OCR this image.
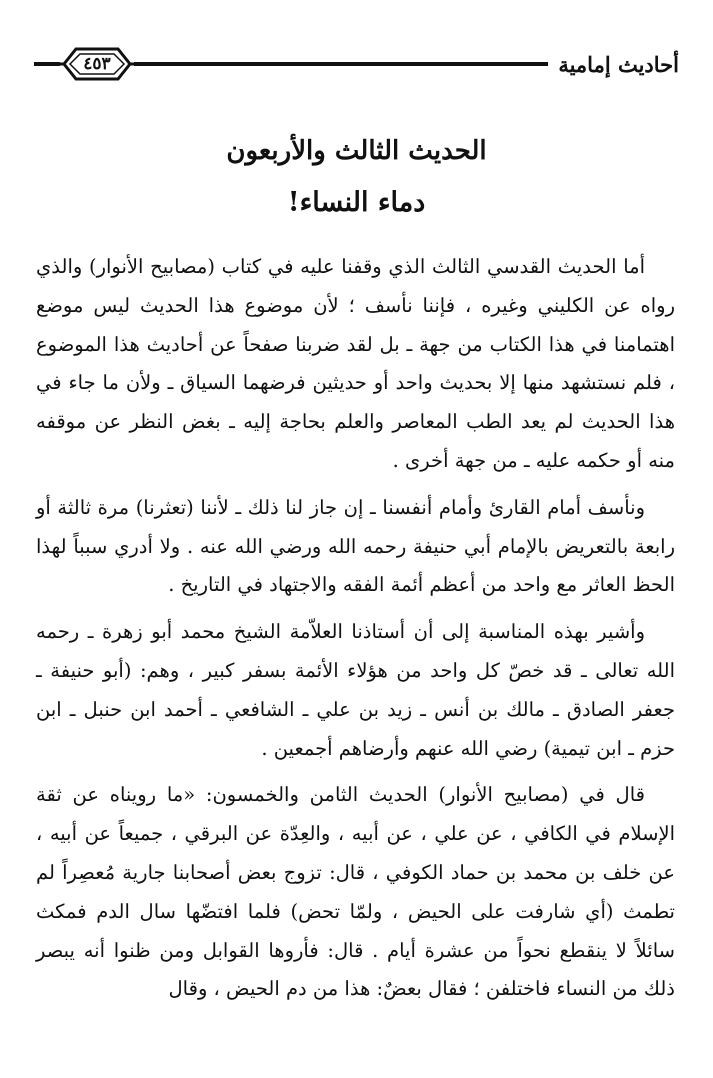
أحاديث إمامية
٤٥٣
الحديث الثالث والأربعون
دماء النساء!

أما الحديث القدسي الثالث الذي وقفنا عليه في كتاب (مصابيح الأنوار) والذي رواه عن الكليني وغيره ، فإننا نأسف ؛ لأن موضوع هذا الحديث ليس موضع اهتمامنا في هذا الكتاب من جهة ـ بل لقد ضربنا صفحاً عن أحاديث هذا الموضوع ، فلم نستشهد منها إلا بحديث واحد أو حديثين فرضهما السياق ـ ولأن ما جاء في هذا الحديث لم يعد الطب المعاصر والعلم بحاجة إليه ـ بغض النظر عن موقفه منه أو حكمه عليه ـ من جهة أخرى .

ونأسف أمام القارئ وأمام أنفسنا ـ إن جاز لنا ذلك ـ لأننا (تعثرنا) مرة ثالثة أو رابعة بالتعريض بالإمام أبي حنيفة رحمه الله ورضي الله عنه . ولا أدري سبباً لهذا الحظ العاثر مع واحد من أعظم أئمة الفقه والاجتهاد في التاريخ .

وأشير بهذه المناسبة إلى أن أستاذنا العلاّمة الشيخ محمد أبو زهرة ـ رحمه الله تعالى ـ قد خصّ كل واحد من هؤلاء الأئمة بسفر كبير ، وهم: (أبو حنيفة ـ جعفر الصادق ـ مالك بن أنس ـ زيد بن علي ـ الشافعي ـ أحمد ابن حنبل ـ ابن حزم ـ ابن تيمية) رضي الله عنهم وأرضاهم أجمعين .

قال في (مصابيح الأنوار) الحديث الثامن والخمسون: «ما رويناه عن ثقة الإسلام في الكافي ، عن علي ، عن أبيه ، والعِدّة عن البرقي ، جميعاً عن أبيه ، عن خلف بن محمد بن حماد الكوفي ، قال: تزوج بعض أصحابنا جارية مُعصِراً لم تطمث (أي شارفت على الحيض ، ولمّا تحض) فلما افتضّها سال الدم فمكث سائلاً لا ينقطع نحواً من عشرة أيام . قال: فأروها القوابل ومن ظنوا أنه يبصر ذلك من النساء فاختلفن ؛ فقال بعضٌ: هذا من دم الحيض ، وقال
